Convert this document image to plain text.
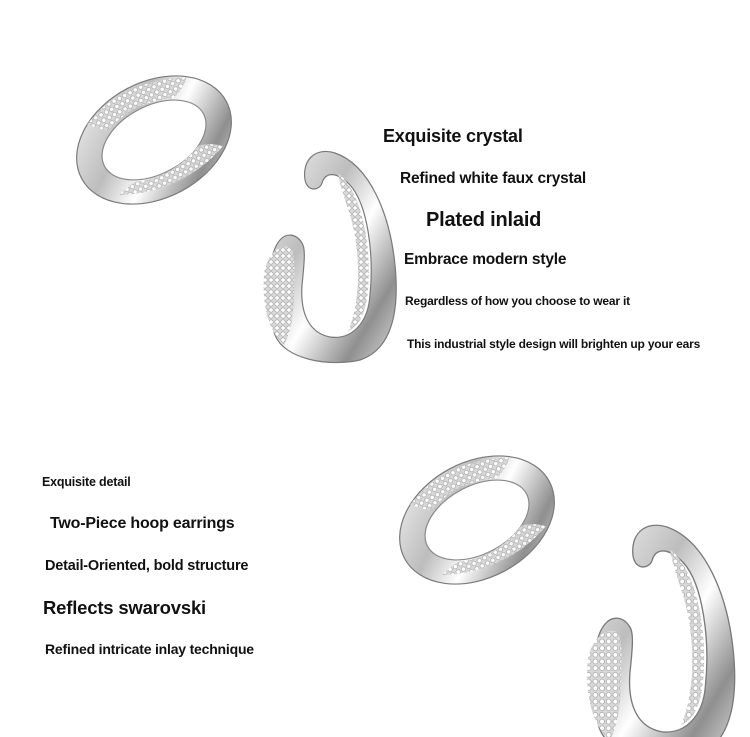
Exquisite crystal
Refined white faux crystal
Plated inlaid
Embrace modern style
Regardless of how you choose to wear it
This industrial style design will brighten up your ears
Exquisite detail
Two-Piece hoop earrings
Detail-Oriented, bold structure
Reflects swarovski
Refined intricate inlay technique
